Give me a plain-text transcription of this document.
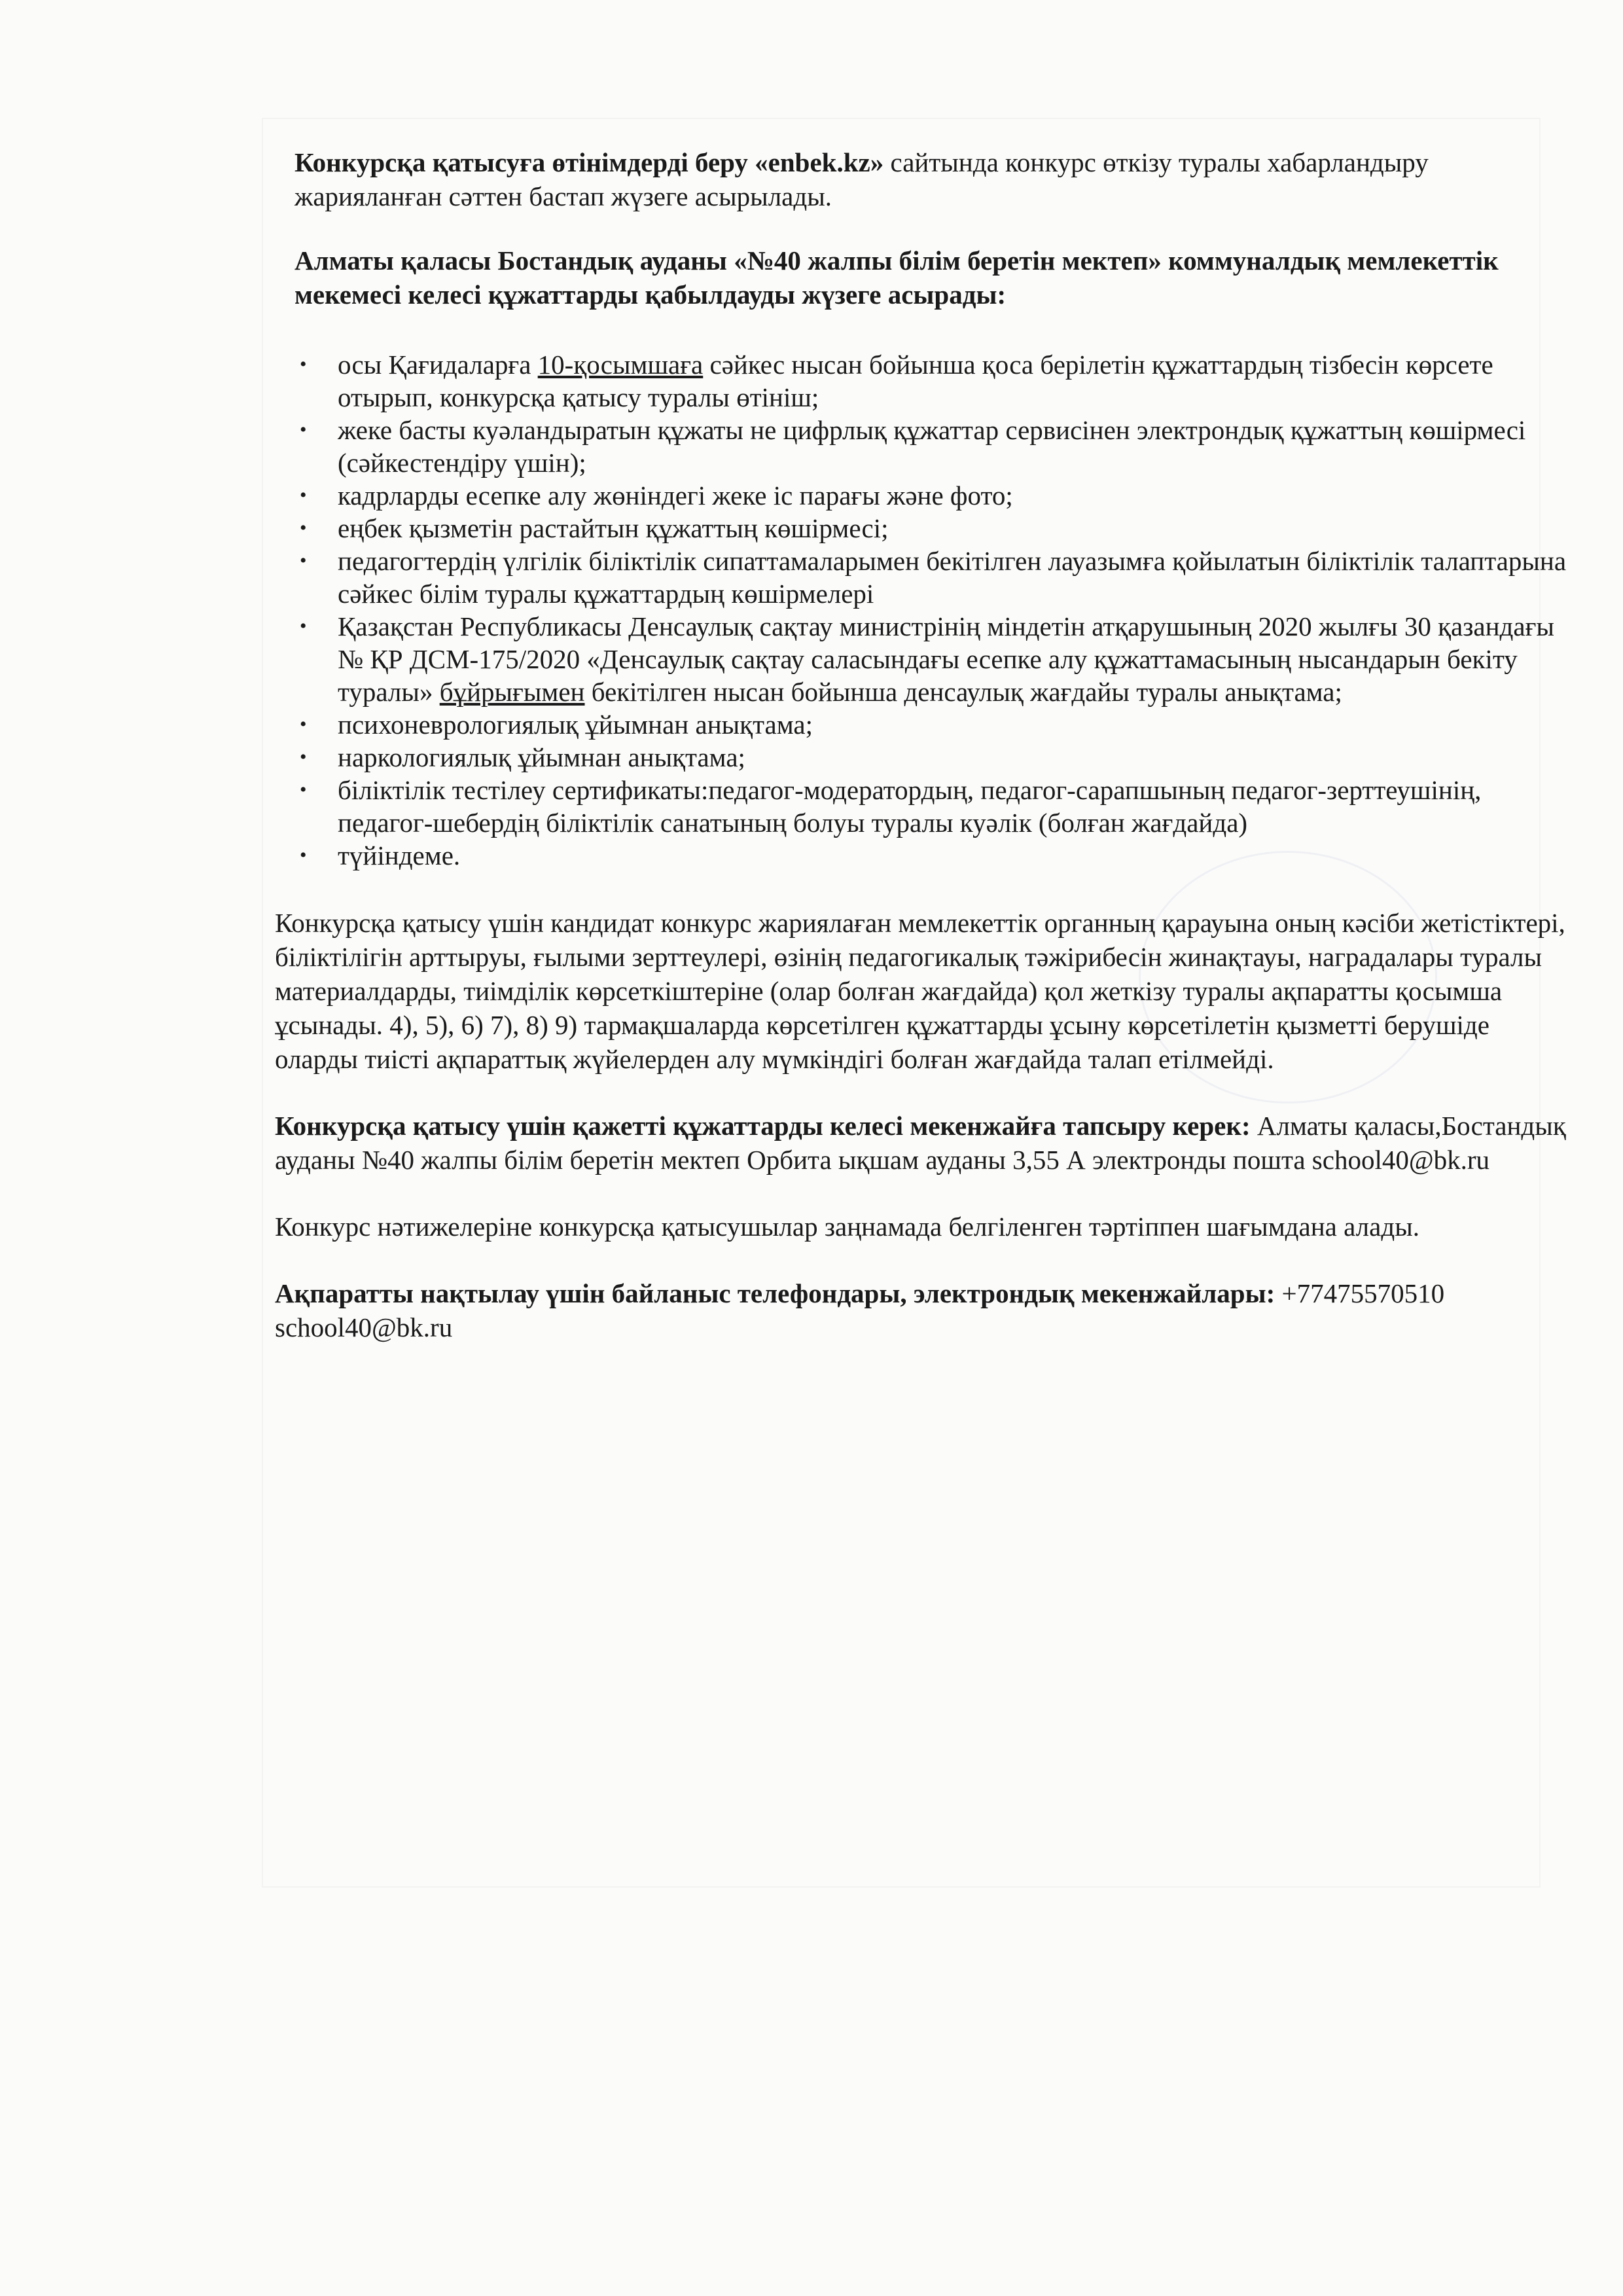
Конкурсқа қатысуға өтінімдерді беру «enbek.kz» сайтында конкурс өткізу туралы хабарландыру жарияланған сәттен бастап жүзеге асырылады.

Алматы қаласы Бостандық ауданы «№40 жалпы білім беретін мектеп» коммуналдық мемлекеттік мекемесі келесі құжаттарды қабылдауды жүзеге асырады:

• осы Қағидаларға 10-қосымшаға сәйкес нысан бойынша қоса берілетін құжаттардың тізбесін көрсете отырып, конкурсқа қатысу туралы өтініш;
• жеке басты куәландыратын құжаты не цифрлық құжаттар сервисінен электрондық құжаттың көшірмесі (сәйкестендіру үшін);
• кадрларды есепке алу жөніндегі жеке іс парағы және фото;
• еңбек қызметін растайтын құжаттың көшірмесі;
• педагогтердің үлгілік біліктілік сипаттамаларымен бекітілген лауазымға қойылатын біліктілік талаптарына сәйкес білім туралы құжаттардың көшірмелері
• Қазақстан Республикасы Денсаулық сақтау министрінің міндетін атқарушының 2020 жылғы 30 қазандағы № ҚР ДСМ-175/2020 «Денсаулық сақтау саласындағы есепке алу құжаттамасының нысандарын бекіту туралы» бұйрығымен бекітілген нысан бойынша денсаулық жағдайы туралы анықтама;
• психоневрологиялық ұйымнан анықтама;
• наркологиялық ұйымнан анықтама;
• біліктілік тестілеу сертификаты:педагог-модератордың, педагог-сарапшының педагог-зерттеушінің, педагог-шебердің біліктілік санатының болуы туралы куәлік (болған жағдайда)
• түйіндеме.

Конкурсқа қатысу үшін кандидат конкурс жариялаған мемлекеттік органның қарауына оның кәсіби жетістіктері, біліктілігін арттыруы, ғылыми зерттеулері, өзінің педагогикалық тәжірибесін жинақтауы, наградалары туралы материалдарды, тиімділік көрсеткіштеріне (олар болған жағдайда) қол жеткізу туралы ақпаратты қосымша ұсынады. 4), 5), 6) 7), 8) 9) тармақшаларда көрсетілген құжаттарды ұсыну көрсетілетін қызметті берушіде оларды тиісті ақпараттық жүйелерден алу мүмкіндігі болған жағдайда талап етілмейді.

Конкурсқа қатысу үшін қажетті құжаттарды келесі мекенжайға тапсыру керек: Алматы қаласы,Бостандық ауданы №40 жалпы білім беретін мектеп Орбита ықшам ауданы 3,55 А электронды пошта school40@bk.ru

Конкурс нәтижелеріне конкурсқа қатысушылар заңнамада белгіленген тәртіппен шағымдана алады.

Ақпаратты нақтылау үшін байланыс телефондары, электрондық мекенжайлары: +77475570510 school40@bk.ru
